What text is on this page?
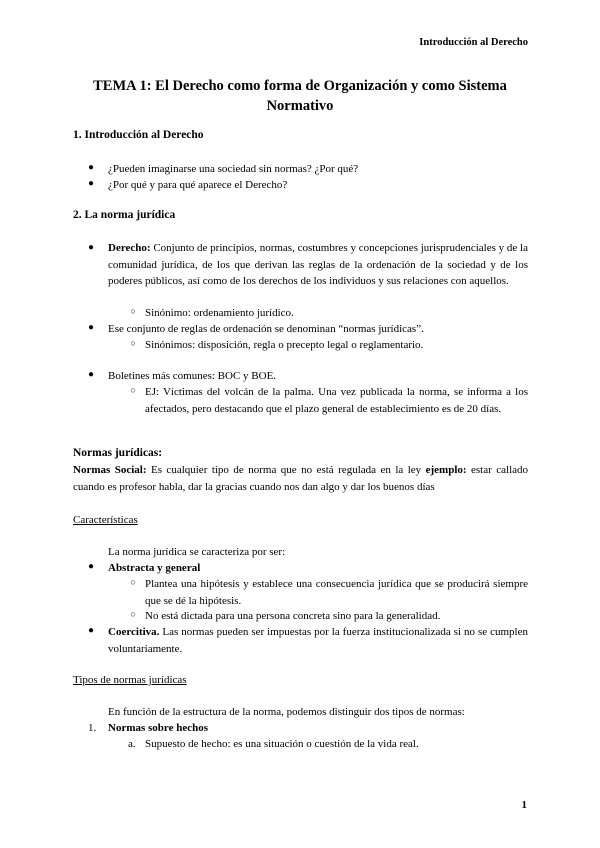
Introducción al Derecho
TEMA 1: El Derecho como forma de Organización y como Sistema Normativo
1. Introducción al Derecho
● ¿Pueden imaginarse una sociedad sin normas? ¿Por qué?
● ¿Por qué y para qué aparece el Derecho?
2. La norma jurídica
● Derecho: Conjunto de principios, normas, costumbres y concepciones jurisprudenciales y de la comunidad jurídica, de los que derivan las reglas de la ordenación de la sociedad y de los poderes públicos, así como de los derechos de los individuos y sus relaciones con aquellos.
○ Sinónimo: ordenamiento jurídico.
● Ese conjunto de reglas de ordenación se denominan “normas jurídicas”.
○ Sinónimos: disposición, regla o precepto legal o reglamentario.
● Boletines más comunes: BOC y BOE.
○ EJ: Víctimas del volcán de la palma. Una vez publicada la norma, se informa a los afectados, pero destacando que el plazo general de establecimiento es de 20 días.
Normas jurídicas:
Normas Social: Es cualquier tipo de norma que no está regulada en la ley ejemplo: estar callado cuando es profesor habla, dar la gracias cuando nos dan algo y dar los buenos días
Características
La norma jurídica se caracteriza por ser:
● Abstracta y general
○ Plantea una hipótesis y establece una consecuencia jurídica que se producirá siempre que se dé la hipótesis.
○ No está dictada para una persona concreta sino para la generalidad.
● Coercitiva. Las normas pueden ser impuestas por la fuerza institucionalizada si no se cumplen voluntariamente.
Tipos de normas jurídicas
En función de la estructura de la norma, podemos distinguir dos tipos de normas:
1. Normas sobre hechos
a. Supuesto de hecho: es una situación o cuestión de la vida real.
1
